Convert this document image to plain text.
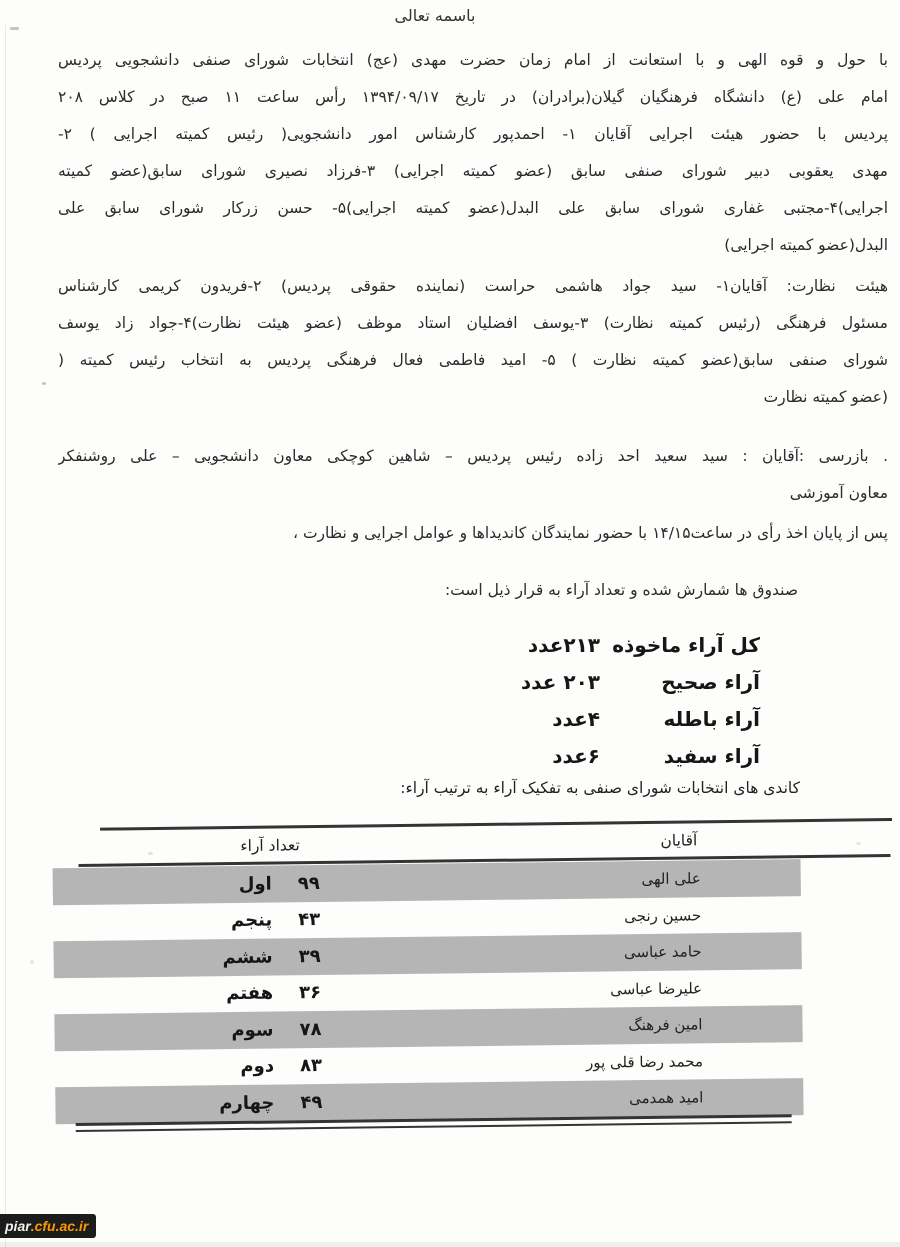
باسمه تعالی
با حول و قوه الهی و با استعانت از امام زمان حضرت مهدی (عج) انتخابات شورای صنفی دانشجویی پردیس
امام علی (ع) دانشگاه فرهنگیان گیلان(برادران) در تاریخ ۱۳۹۴/۰۹/۱۷ رأس ساعت ۱۱ صبح در کلاس ۲۰۸
پردیس با حضور هیئت اجرایی آقایان ۱- احمدپور کارشناس امور دانشجویی( رئیس کمیته اجرایی ) ۲-
مهدی یعقوبی دبیر شورای صنفی سابق (عضو کمیته اجرایی) ۳-فرزاد نصیری شورای سابق(عضو کمیته
اجرایی)۴-مجتبی غفاری شورای سابق علی البدل(عضو کمیته اجرایی)۵- حسن زرکار شورای سابق علی
البدل(عضو کمیته اجرایی)
هیئت نظارت: آقایان۱- سید جواد هاشمی حراست (نماینده حقوقی پردیس) ۲-فریدون کریمی کارشناس
مسئول فرهنگی (رئیس کمیته نظارت) ۳-یوسف افضلیان استاد موظف (عضو هیئت نظارت)۴-جواد زاد یوسف
شورای صنفی سابق(عضو کمیته نظارت ) ۵- امید فاطمی فعال فرهنگی پردیس به انتخاب رئیس کمیته (
(عضو کمیته نظارت
. بازرسی :آقایان : سید سعید احد زاده رئیس پردیس – شاهین کوچکی معاون دانشجویی – علی روشنفکر
معاون آموزشی
پس از پایان اخذ رأی در ساعت۱۴/۱۵ با حضور نمایندگان کاندیداها و عوامل اجرایی و نظارت ،
صندوق ها شمارش شده و تعداد آراء به قرار ذیل است:
کل آراء ماخوذه
۲۱۳عدد
آراء صحیح
۲۰۳ عدد
آراء باطله
۴عدد
آراء سفید
۶عدد
کاندی های انتخابات شورای صنفی به تفکیک آراء به ترتیب آراء:
آقایان
تعداد آراء
علی الهی
۹۹
اول
حسین رنجی
۴۳
پنجم
حامد عباسی
۳۹
ششم
علیرضا عباسی
۳۶
هفتم
امین فرهنگ
۷۸
سوم
محمد رضا قلی پور
۸۳
دوم
امید همدمی
۴۹
چهارم
piar .cfu.ac.ir
